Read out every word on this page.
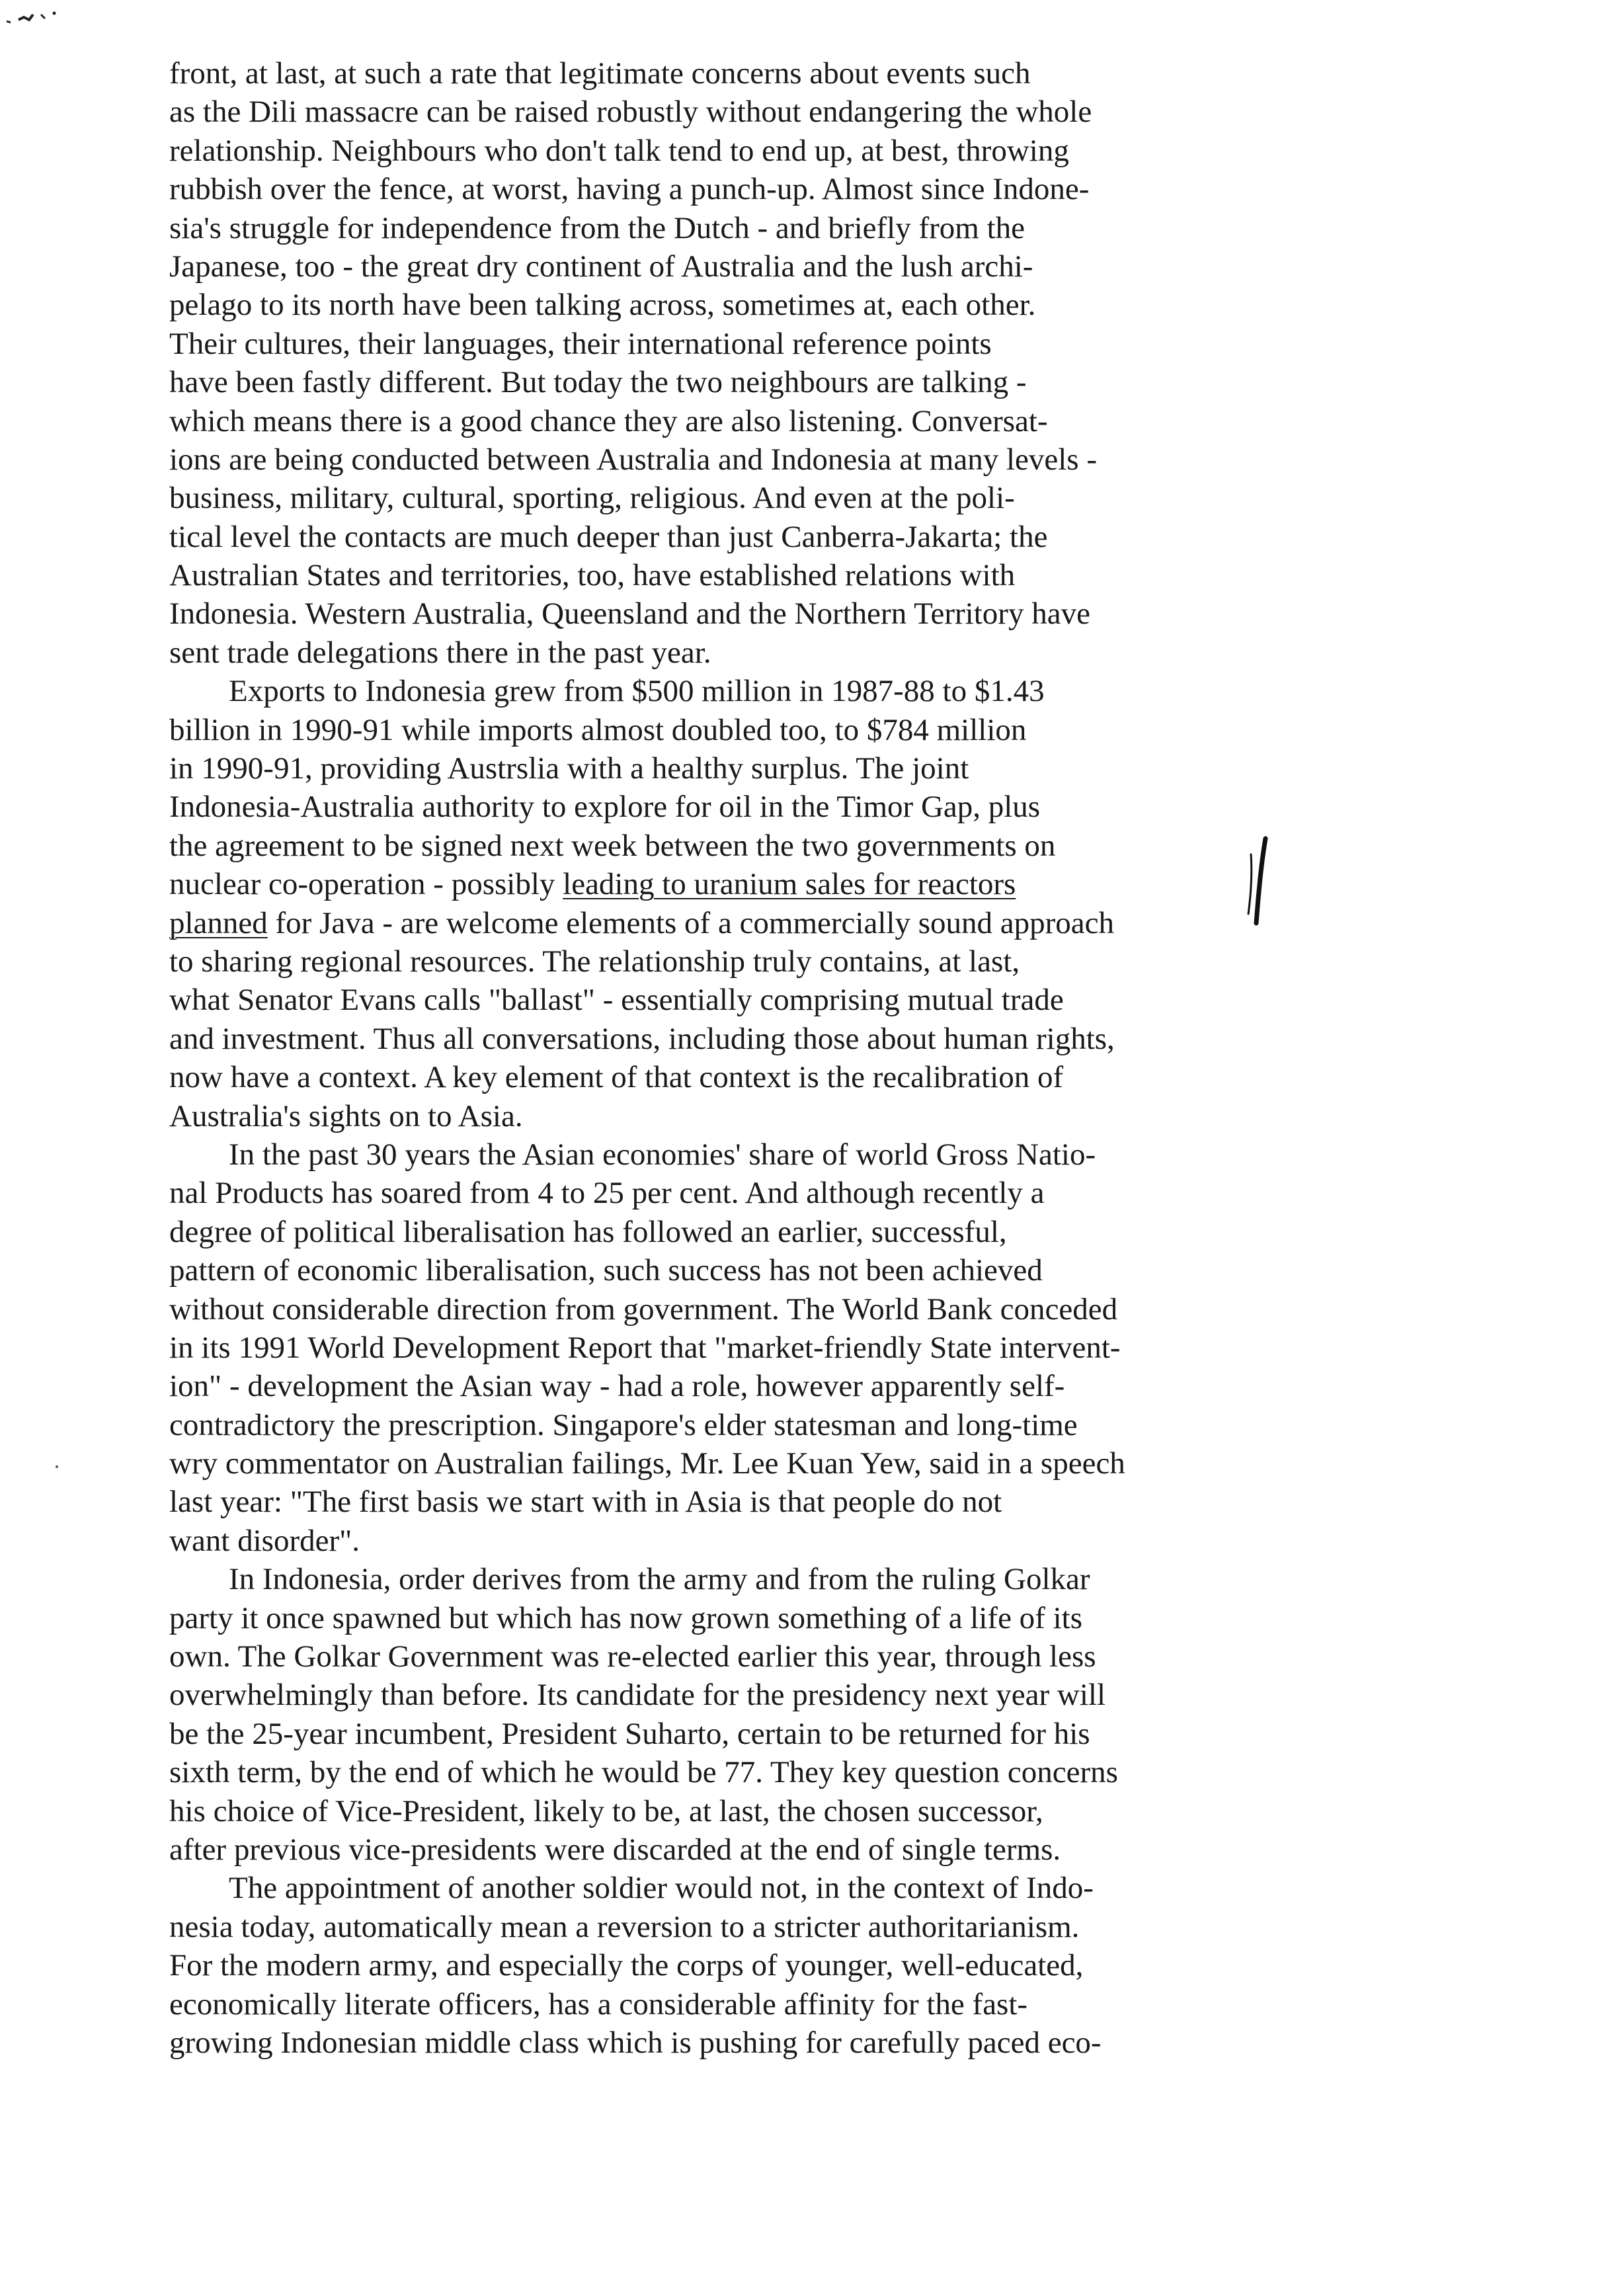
front, at last, at such a rate that legitimate concerns about events such
as the Dili massacre can be raised robustly without endangering the whole
relationship. Neighbours who don't talk tend to end up, at best, throwing
rubbish over the fence, at worst, having a punch-up. Almost since Indone-
sia's struggle for independence from the Dutch - and briefly from the
Japanese, too - the great dry continent of Australia and the lush archi-
pelago to its north have been talking across, sometimes at, each other.
Their cultures, their languages, their international reference points
have been fastly different. But today the two neighbours are talking -
which means there is a good chance they are also listening. Conversat-
ions are being conducted between Australia and Indonesia at many levels -
business, military, cultural, sporting, religious. And even at the poli-
tical level the contacts are much deeper than just Canberra-Jakarta; the
Australian States and territories, too, have established relations with
Indonesia. Western Australia, Queensland and the Northern Territory have
sent trade delegations there in the past year.
Exports to Indonesia grew from $500 million in 1987-88 to $1.43
billion in 1990-91 while imports almost doubled too, to $784 million
in 1990-91, providing Austrslia with a healthy surplus. The joint
Indonesia-Australia authority to explore for oil in the Timor Gap, plus
the agreement to be signed next week between the two governments on
nuclear co-operation - possibly leading to uranium sales for reactors
planned for Java - are welcome elements of a commercially sound approach
to sharing regional resources. The relationship truly contains, at last,
what Senator Evans calls "ballast" - essentially comprising mutual trade
and investment. Thus all conversations, including those about human rights,
now have a context. A key element of that context is the recalibration of
Australia's sights on to Asia.
In the past 30 years the Asian economies' share of world Gross Natio-
nal Products has soared from 4 to 25 per cent. And although recently a
degree of political liberalisation has followed an earlier, successful,
pattern of economic liberalisation, such success has not been achieved
without considerable direction from government. The World Bank conceded
in its 1991 World Development Report that "market-friendly State intervent-
ion" - development the Asian way - had a role, however apparently self-
contradictory the prescription. Singapore's elder statesman and long-time
wry commentator on Australian failings, Mr. Lee Kuan Yew, said in a speech
last year: "The first basis we start with in Asia is that people do not
want disorder".
In Indonesia, order derives from the army and from the ruling Golkar
party it once spawned but which has now grown something of a life of its
own. The Golkar Government was re-elected earlier this year, through less
overwhelmingly than before. Its candidate for the presidency next year will
be the 25-year incumbent, President Suharto, certain to be returned for his
sixth term, by the end of which he would be 77. They key question concerns
his choice of Vice-President, likely to be, at last, the chosen successor,
after previous vice-presidents were discarded at the end of single terms.
The appointment of another soldier would not, in the context of Indo-
nesia today, automatically mean a reversion to a stricter authoritarianism.
For the modern army, and especially the corps of younger, well-educated,
economically literate officers, has a considerable affinity for the fast-
growing Indonesian middle class which is pushing for carefully paced eco-
